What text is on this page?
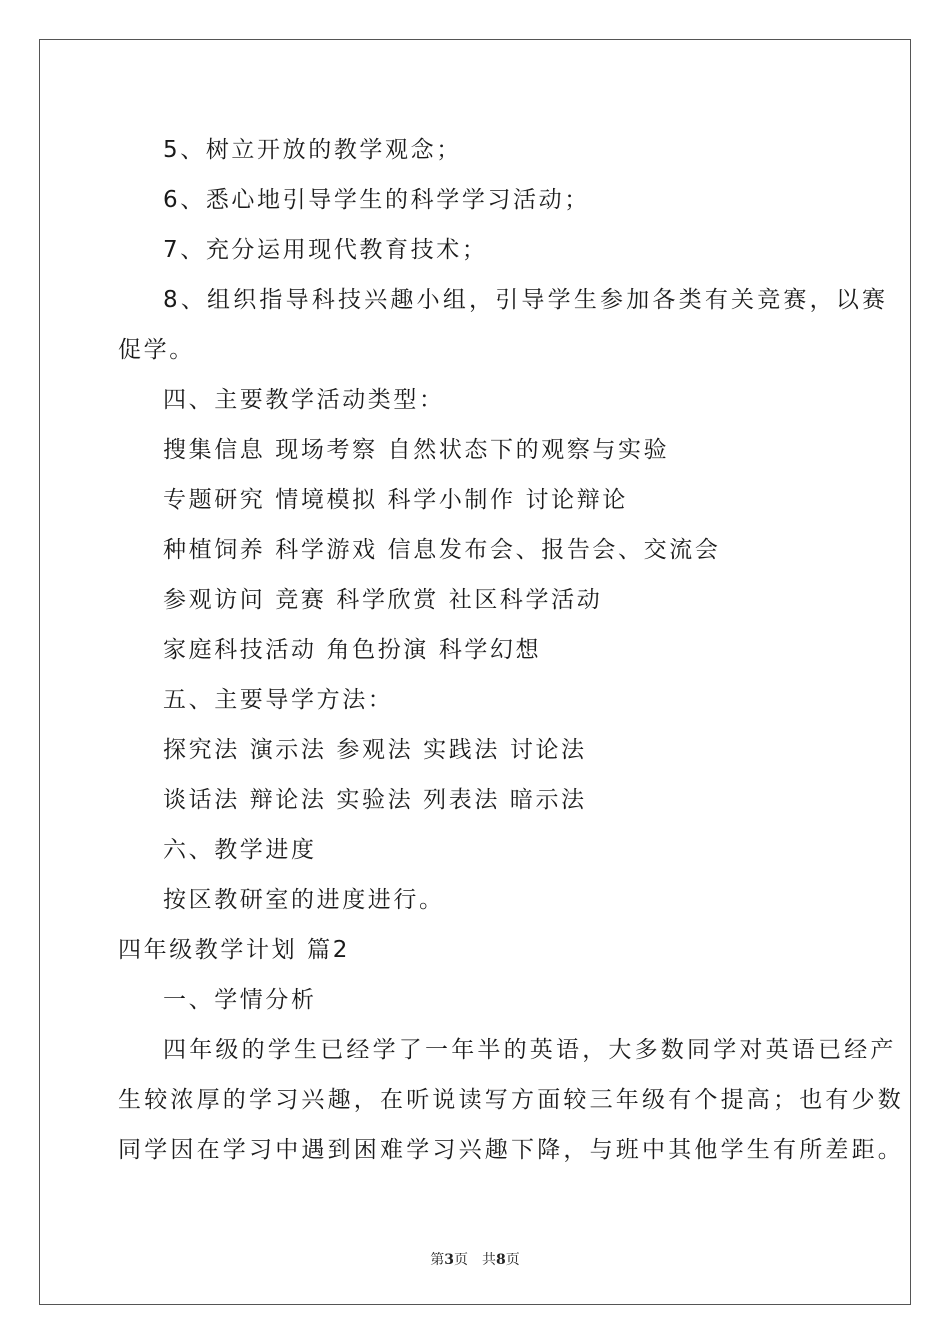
5、树立开放的教学观念；
6、悉心地引导学生的科学学习活动；
7、充分运用现代教育技术；
8、组织指导科技兴趣小组，引导学生参加各类有关竞赛，以赛
促学。
四、主要教学活动类型：
搜集信息 现场考察 自然状态下的观察与实验
专题研究 情境模拟 科学小制作 讨论辩论
种植饲养 科学游戏 信息发布会、报告会、交流会
参观访问 竞赛 科学欣赏 社区科学活动
家庭科技活动 角色扮演 科学幻想
五、主要导学方法：
探究法 演示法 参观法 实践法 讨论法
谈话法 辩论法 实验法 列表法 暗示法
六、教学进度
按区教研室的进度进行。
四年级教学计划 篇2
一、学情分析
四年级的学生已经学了一年半的英语，大多数同学对英语已经产
生较浓厚的学习兴趣，在听说读写方面较三年级有个提高；也有少数
同学因在学习中遇到困难学习兴趣下降，与班中其他学生有所差距。
第3页　共8页
